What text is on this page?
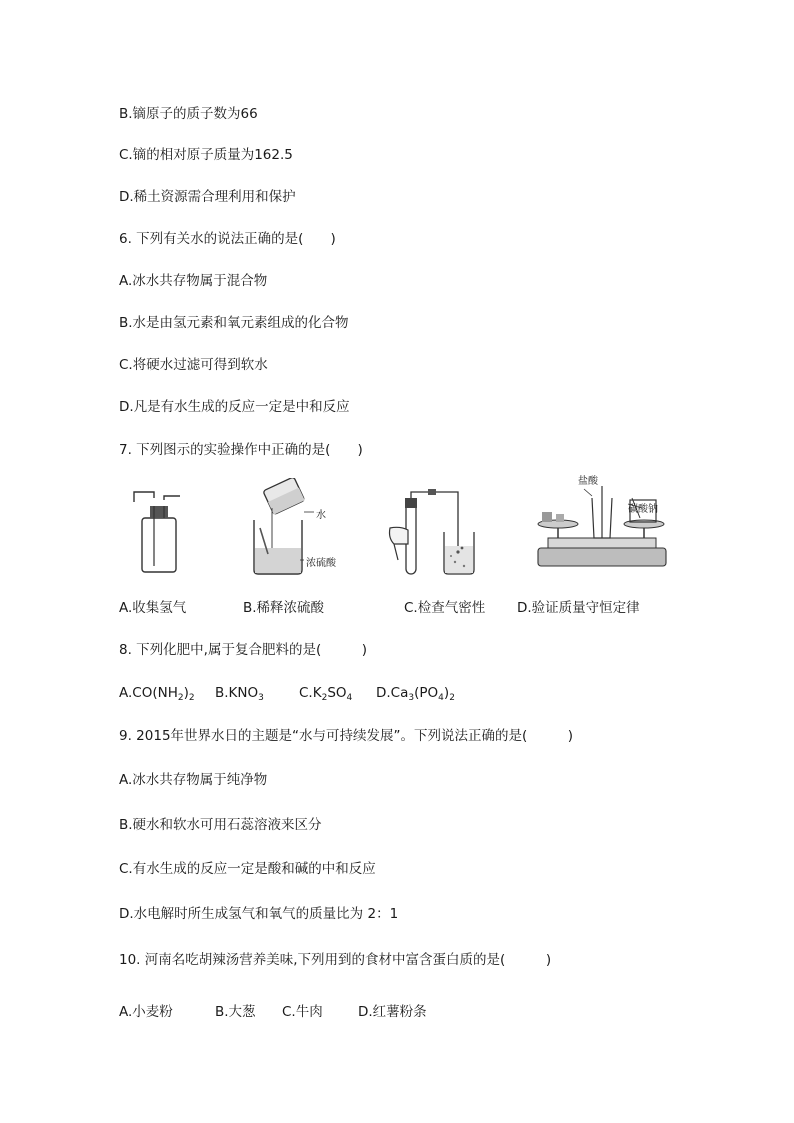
B.镝原子的质子数为66
C.镝的相对原子质量为162.5
D.稀土资源需合理利用和保护
6. 下列有关水的说法正确的是(　　)
A.冰水共存物属于混合物
B.水是由氢元素和氧元素组成的化合物
C.将硬水过滤可得到软水
D.凡是有水生成的反应一定是中和反应
7. 下列图示的实验操作中正确的是(　　)
水
浓硫酸
盐酸
碳酸钠
A.收集氢气	B.稀释浓硫酸	C.检查气密性 D.验证质量守恒定律
8. 下列化肥中,属于复合肥料的是(　　　)
$A.CO(NH_2)_2$ $B.KNO_3$	$C.K_2SO_4$ $D.Ca_3(PO_4)_2$
9. 2015年世界水日的主题是“水与可持续发展”。下列说法正确的是(　　　)
A.冰水共存物属于纯净物
B.硬水和软水可用石蕊溶液来区分
C.有水生成的反应一定是酸和碱的中和反应
D.水电解时所生成氢气和氧气的质量比为 2：1
10. 河南名吃胡辣汤营养美味,下列用到的食材中富含蛋白质的是(　　　)
A.小麦粉	B.大葱 C.牛肉	D.红薯粉条
